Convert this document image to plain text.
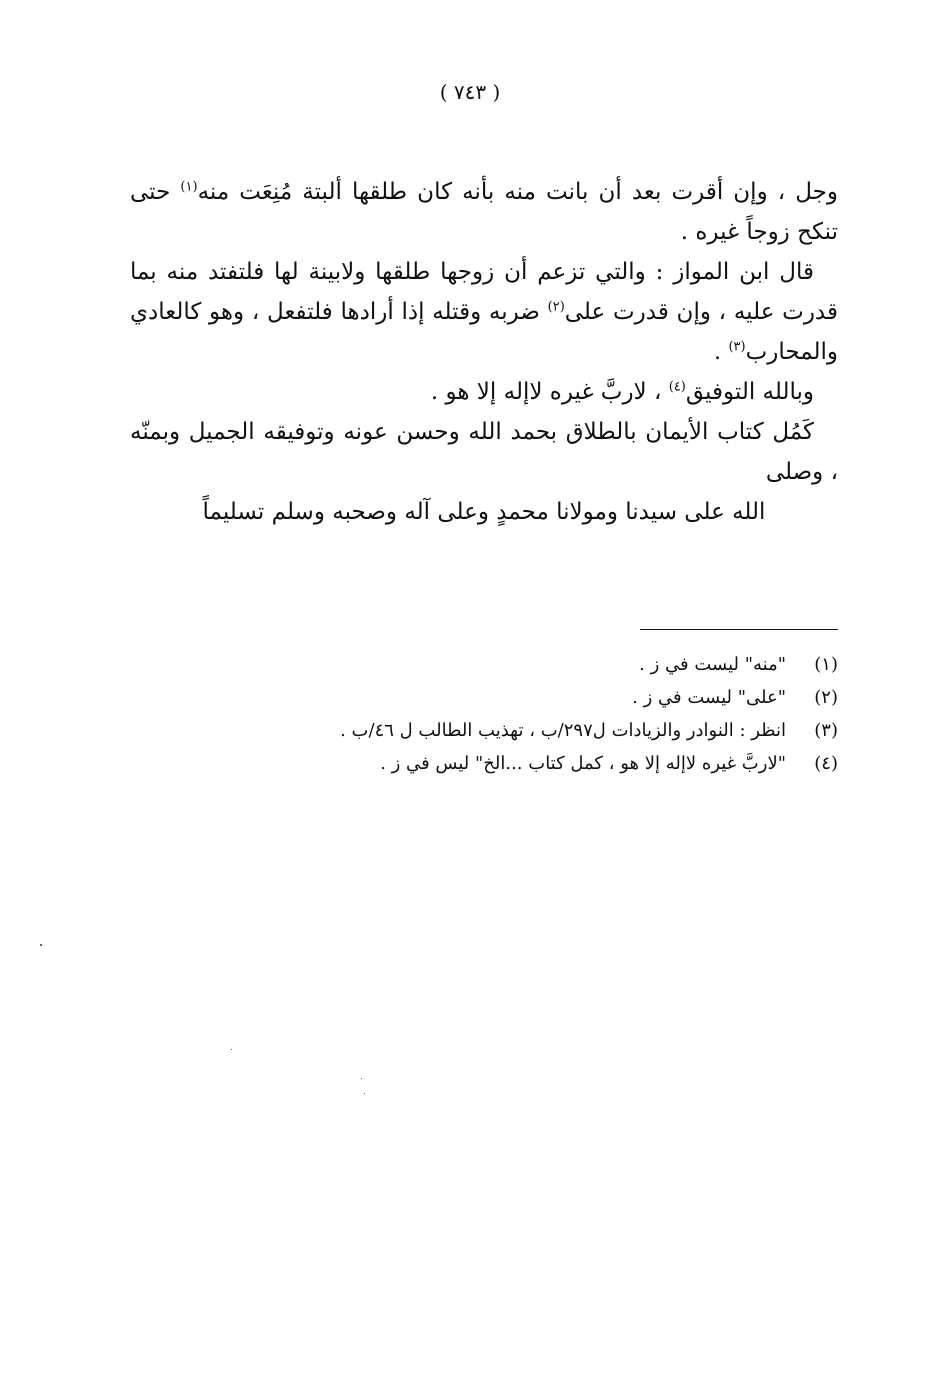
( ٧٤٣ )

وجل ، وإن أقرت بعد أن بانت منه بأنه كان طلقها ألبتة مُنِعَت منه$^{(١)}$ حتى تنكح زوجاً غيره .

قال ابن المواز : والتي تزعم أن زوجها طلقها ولابينة لها فلتفتد منه بما قدرت عليه ، وإن قدرت على$^{(٢)}$ ضربه وقتله إذا أرادها فلتفعل ، وهو كالعادي والمحارب$^{(٣)}$ .

وبالله التوفيق$^{(٤)}$ ، لاربَّ غيره لاإله إلا هو .

كَمُل كتاب الأيمان بالطلاق بحمد الله وحسن عونه وتوفيقه الجميل وبمنّه ، وصلى

الله على سيدنا ومولانا محمدٍ وعلى آله وصحبه وسلم تسليماً

(١)
"منه" ليست في ز .
(٢)
"على" ليست في ز .
(٣)
انظر : النوادر والزيادات ل٢٩٧/ب ، تهذيب الطالب ل ٤٦/ب .
(٤)
"لاربَّ غيره لاإله إلا هو ، كمل كتاب ...الخ" ليس في ز .
